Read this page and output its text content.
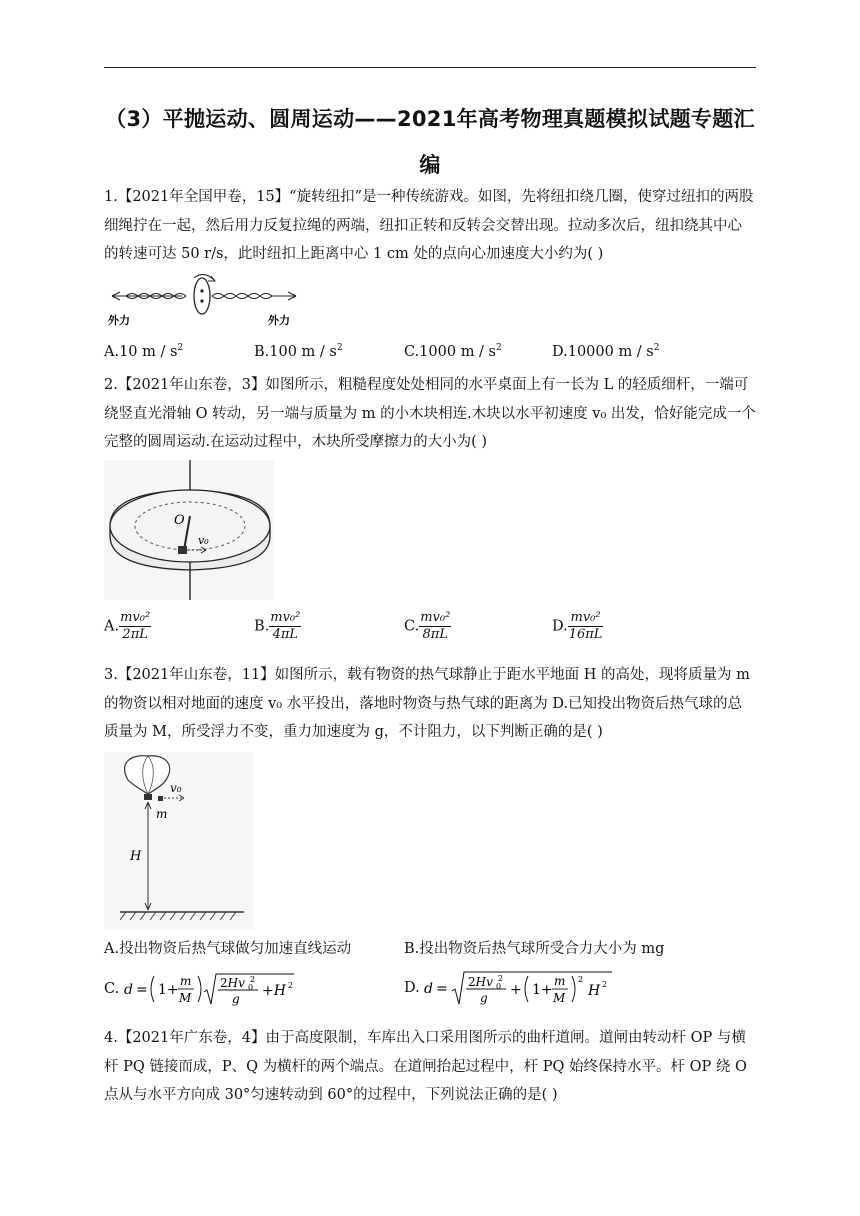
（3）平抛运动、圆周运动——2021年高考物理真题模拟试题专题汇编
1.【2021年全国甲卷，15】“旋转纽扣”是一种传统游戏。如图，先将纽扣绕几圈，使穿过纽扣的两股细绳拧在一起，然后用力反复拉绳的两端，纽扣正转和反转会交替出现。拉动多次后，纽扣绕其中心的转速可达 50 r/s，此时纽扣上距离中心 1 cm 处的点向心加速度大小约为( )
外力	外力
A.10 m / $s^2$	B.100 m / $s^2$	C.1000 m / $s^2$	D.10000 m / $s^2$
2.【2021年山东卷，3】如图所示，粗糙程度处处相同的水平桌面上有一长为 L 的轻质细杆，一端可绕竖直光滑轴 O 转动，另一端与质量为 m 的小木块相连.木块以水平初速度 v₀ 出发，恰好能完成一个完整的圆周运动.在运动过程中，木块所受摩擦力的大小为( )
O
v₀
A. $\frac{\text{mv₀²}}{2\pi L}$	B. $\frac{\text{mv₀²}}{4\pi L}$	C. $\frac{\text{mv₀²}}{8\pi L}$	D. $\frac{\text{mv₀²}}{16\pi L}$
3.【2021年山东卷，11】如图所示，载有物资的热气球静止于距水平地面 H 的高处，现将质量为 m 的物资以相对地面的速度 v₀ 水平投出，落地时物资与热气球的距离为 D.已知投出物资后热气球的总质量为 M，所受浮力不变，重力加速度为 g，不计阻力，以下判断正确的是( )
v₀
m
H
A.投出物资后热气球做匀加速直线运动	B.投出物资后热气球所受合力大小为 mg
C. d = 1+
m
M
2Hv 2
0
g +H 2	D. d = 2Hv 2
0
g + 1+
m
M
2
H 2
4.【2021年广东卷，4】由于高度限制，车库出入口采用图所示的曲杆道闸。道闸由转动杆 OP 与横杆 PQ 链接而成，P、Q 为横杆的两个端点。在道闸抬起过程中，杆 PQ 始终保持水平。杆 OP 绕 O 点从与水平方向成 30°匀速转动到 60°的过程中，下列说法正确的是( )
